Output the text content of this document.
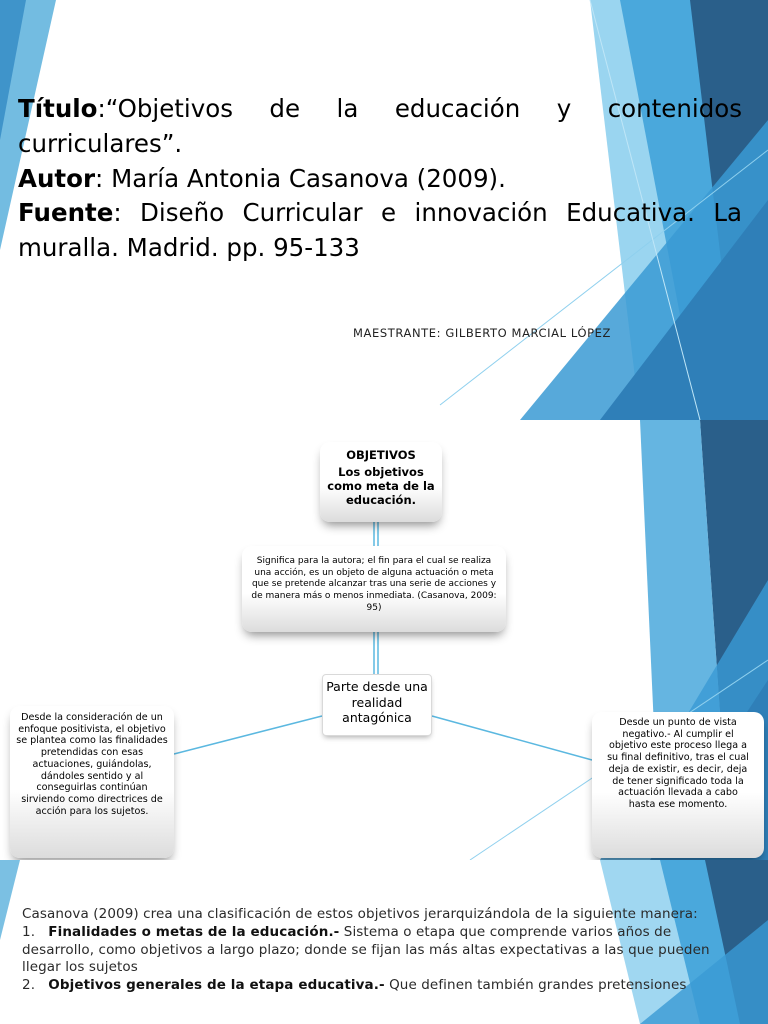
Título:“Objetivos de la educación y contenidos curriculares”.

Autor: María Antonia Casanova (2009).

Fuente: Diseño Curricular e innovación Educativa. La muralla. Madrid. pp. 95-133

MAESTRANTE: GILBERTO MARCIAL LÓPEZ
OBJETIVOS
Los objetivos como meta de la educación.
Significa para la autora; el fin para el cual se realiza una acción, es un objeto de alguna actuación o meta que se pretende alcanzar tras una serie de acciones y de manera más o menos inmediata. (Casanova, 2009: 95)
Parte desde una realidad antagónica
Desde la consideración de un enfoque positivista, el objetivo se plantea como las finalidades pretendidas con esas actuaciones, guiándolas, dándoles sentido y al conseguirlas continúan sirviendo como directrices de acción para los sujetos.
Desde un punto de vista negativo.- Al cumplir el objetivo este proceso llega a su final definitivo, tras el cual deja de existir, es decir, deja de tener significado toda la actuación llevada a cabo hasta ese momento.

Casanova (2009) crea una clasificación de estos objetivos jerarquizándola de la siguiente manera:

1. Finalidades o metas de la educación.- Sistema o etapa que comprende varios años de desarrollo, como objetivos a largo plazo; donde se fijan las más altas expectativas a las que pueden llegar los sujetos

2. Objetivos generales de la etapa educativa.- Que definen también grandes pretensiones
